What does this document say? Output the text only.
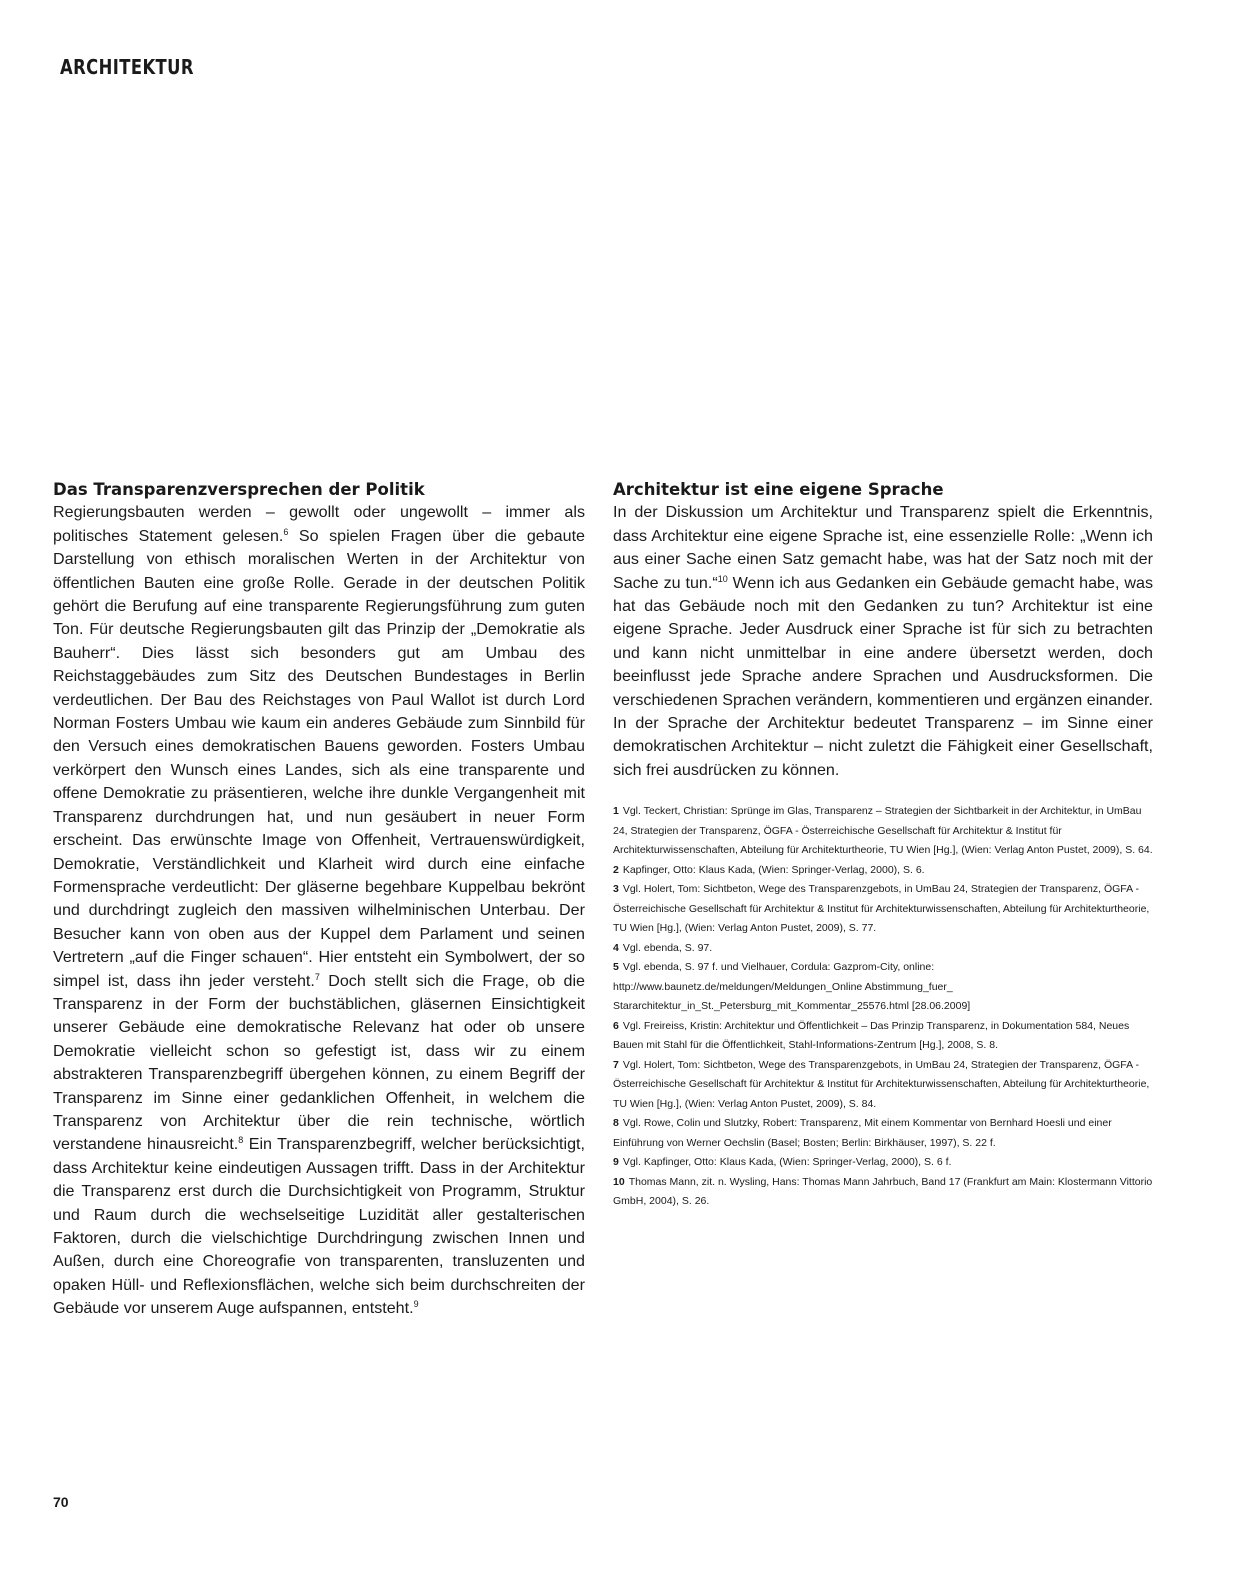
ARCHITEKTUR
Das Transparenzversprechen der Politik

Regierungsbauten werden – gewollt oder ungewollt – immer als politisches Statement gelesen.$^6$ So spielen Fragen über die gebaute Darstellung von ethisch moralischen Werten in der Architektur von öffentlichen Bauten eine große Rolle. Gerade in der deutschen Politik gehört die Berufung auf eine transparente Regierungsführung zum guten Ton. Für deutsche Regierungsbauten gilt das Prinzip der „Demokratie als Bauherr“. Dies lässt sich besonders gut am Umbau des Reichstaggebäudes zum Sitz des Deutschen Bundestages in Berlin verdeutlichen. Der Bau des Reichstages von Paul Wallot ist durch Lord Norman Fosters Umbau wie kaum ein anderes Gebäude zum Sinnbild für den Versuch eines demokratischen Bauens geworden. Fosters Umbau verkörpert den Wunsch eines Landes, sich als eine transparente und offene Demokratie zu präsentieren, welche ihre dunkle Vergangenheit mit Transparenz durchdrungen hat, und nun gesäubert in neuer Form erscheint. Das erwünschte Image von Offenheit, Vertrauenswürdigkeit, Demokratie, Verständlichkeit und Klarheit wird durch eine einfache Formensprache verdeutlicht: Der gläserne begehbare Kuppelbau bekrönt und durchdringt zugleich den massiven wilhelminischen Unterbau. Der Besucher kann von oben aus der Kuppel dem Parlament und seinen Vertretern „auf die Finger schauen“. Hier entsteht ein Symbolwert, der so simpel ist, dass ihn jeder versteht.$^7$ Doch stellt sich die Frage, ob die Transparenz in der Form der buchstäblichen, gläsernen Einsichtigkeit unserer Gebäude eine demokratische Relevanz hat oder ob unsere Demokratie vielleicht schon so gefestigt ist, dass wir zu einem abstrakteren Transparenzbegriff übergehen können, zu einem Begriff der Transparenz im Sinne einer gedanklichen Offenheit, in welchem die Transparenz von Architektur über die rein technische, wörtlich verstandene hinausreicht.$^8$ Ein Transparenzbegriff, welcher berücksichtigt, dass Architektur keine eindeutigen Aussagen trifft. Dass in der Architektur die Transparenz erst durch die Durchsichtigkeit von Programm, Struktur und Raum durch die wechselseitige Luzidität aller gestalterischen Faktoren, durch die vielschichtige Durchdringung zwischen Innen und Außen, durch eine Choreografie von transparenten, transluzenten und opaken Hüll- und Reflexionsflächen, welche sich beim durchschreiten der Gebäude vor unserem Auge aufspannen, entsteht.$^9$

Architektur ist eine eigene Sprache

In der Diskussion um Architektur und Transparenz spielt die Erkenntnis, dass Architektur eine eigene Sprache ist, eine essenzielle Rolle: „Wenn ich aus einer Sache einen Satz gemacht habe, was hat der Satz noch mit der Sache zu tun.“$^{10}$ Wenn ich aus Gedanken ein Gebäude gemacht habe, was hat das Gebäude noch mit den Gedanken zu tun? Architektur ist eine eigene Sprache. Jeder Ausdruck einer Sprache ist für sich zu betrachten und kann nicht unmittelbar in eine andere übersetzt werden, doch beeinflusst jede Sprache andere Sprachen und Ausdrucksformen. Die verschiedenen Sprachen verändern, kommentieren und ergänzen einander. In der Sprache der Architektur bedeutet Transparenz – im Sinne einer demokratischen Architektur – nicht zuletzt die Fähigkeit einer Gesellschaft, sich frei ausdrücken zu können.

1 Vgl. Teckert, Christian: Sprünge im Glas, Transparenz – Strategien der Sichtbarkeit in der Architektur, in UmBau 24, Strategien der Transparenz, ÖGFA - Österreichische Gesellschaft für Architektur & Institut für Architekturwissenschaften, Abteilung für Architekturtheorie, TU Wien [Hg.], (Wien: Verlag Anton Pustet, 2009), S. 64.

2 Kapfinger, Otto: Klaus Kada, (Wien: Springer-Verlag, 2000), S. 6.

3 Vgl. Holert, Tom: Sichtbeton, Wege des Transparenzgebots, in UmBau 24, Strategien der Transparenz, ÖGFA - Österreichische Gesellschaft für Architektur & Institut für Architekturwissenschaften, Abteilung für Architekturtheorie, TU Wien [Hg.], (Wien: Verlag Anton Pustet, 2009), S. 77.

4 Vgl. ebenda, S. 97.

5 Vgl. ebenda, S. 97 f. und Vielhauer, Cordula: Gazprom-City, online: http://www.baunetz.de/meldungen/Meldungen_Online Abstimmung_fuer_ Stararchitektur_in_St._Petersburg_mit_Kommentar_25576.html [28.06.2009]

6 Vgl. Freireiss, Kristin: Architektur und Öffentlichkeit – Das Prinzip Transparenz, in Dokumentation 584, Neues Bauen mit Stahl für die Öffentlichkeit, Stahl-Informations-Zentrum [Hg.], 2008, S. 8.

7 Vgl. Holert, Tom: Sichtbeton, Wege des Transparenzgebots, in UmBau 24, Strategien der Transparenz, ÖGFA - Österreichische Gesellschaft für Architektur & Institut für Architekturwissenschaften, Abteilung für Architekturtheorie, TU Wien [Hg.], (Wien: Verlag Anton Pustet, 2009), S. 84.

8 Vgl. Rowe, Colin und Slutzky, Robert: Transparenz, Mit einem Kommentar von Bernhard Hoesli und einer Einführung von Werner Oechslin (Basel; Bosten; Berlin: Birkhäuser, 1997), S. 22 f.

9 Vgl. Kapfinger, Otto: Klaus Kada, (Wien: Springer-Verlag, 2000), S. 6 f.

10 Thomas Mann, zit. n. Wysling, Hans: Thomas Mann Jahrbuch, Band 17 (Frankfurt am Main: Klostermann Vittorio GmbH, 2004), S. 26.

70
